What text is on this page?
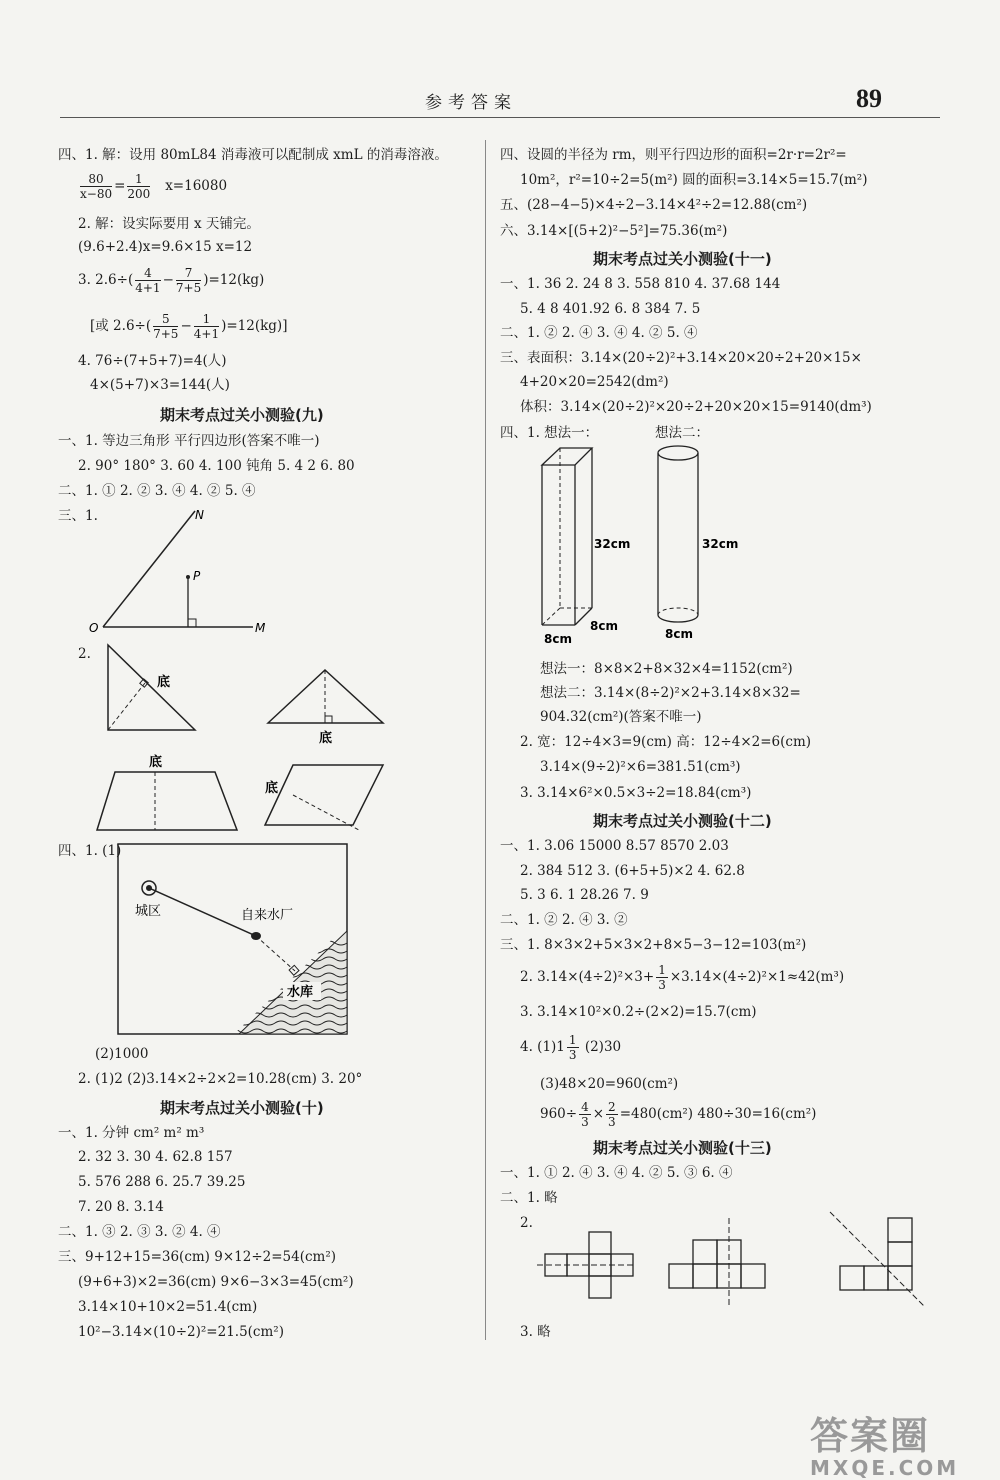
参考答案	89
四、1. 解：设用 80mL84 消毒液可以配制成 xmL 的消毒溶液。
$\frac{80}{x-80} = \frac{1}{200} x=16080$
2. 解：设实际要用 x 天铺完。
(9.6+2.4)x=9.6×15 x=12
3. $2.6\div( \frac{4}{4+1} - \frac{7}{7+5} )=12(kg)$
[或 $2.6\div( \frac{5}{7+5} - \frac{1}{4+1} )=12(kg)$]
4. 76÷(7+5+7)=4(人)
4×(5+7)×3=144(人)
期末考点过关小测验(九)
一、1. 等边三角形 平行四边形(答案不唯一)
2. 90° 180° 3. 60 4. 100 钝角 5. 4 2 6. 80
二、1. ① 2. ② 3. ④ 4. ② 5. ④
三、1.	N
P
O	M
2.
底
底
底
底
四、1. (1)
城区	自来水厂
水库
(2)1000
2. (1)2 (2)3.14×2÷2×2=10.28(cm) 3. 20°
期末考点过关小测验(十)
一、1. 分钟 cm² m² m³
2. 32 3. 30 4. 62.8 157
5. 576 288 6. 25.7 39.25
7. 20 8. 3.14
二、1. ③ 2. ③ 3. ② 4. ④
三、9+12+15=36(cm) 9×12÷2=54(cm²)
(9+6+3)×2=36(cm) 9×6−3×3=45(cm²)
3.14×10+10×2=51.4(cm)
10²−3.14×(10÷2)²=21.5(cm²)
四、设圆的半径为 rm，则平行四边形的面积=2r·r=2r²=
10m²，r²=10÷2=5(m²) 圆的面积=3.14×5=15.7(m²)
五、(28−4−5)×4÷2−3.14×4²÷2=12.88(cm²)
六、3.14×[(5+2)²−5²]=75.36(m²)
期末考点过关小测验(十一)
一、1. 36 2. 24 8 3. 558 810 4. 37.68 144
5. 4 8 401.92 6. 8 384 7. 5
二、1. ② 2. ④ 3. ④ 4. ② 5. ④
三、表面积：3.14×(20÷2)²+3.14×20×20÷2+20×15×
4+20×20=2542(dm²)
体积：3.14×(20÷2)²×20÷2+20×20×15=9140(dm³)
四、1. 想法一：	想法二：
32cm
8cm
8cm
32cm
8cm
想法一：8×8×2+8×32×4=1152(cm²)
想法二：3.14×(8÷2)²×2+3.14×8×32=
904.32(cm²)(答案不唯一)
2. 宽：12÷4×3=9(cm) 高：12÷4×2=6(cm)
3.14×(9÷2)²×6=381.51(cm³)
3. 3.14×6²×0.5×3÷2=18.84(cm³)
期末考点过关小测验(十二)
一、1. 3.06 15000 8.57 8570 2.03
2. 384 512 3. (6+5+5)×2 4. 62.8
5. 3 6. 1 28.26 7. 9
二、1. ② 2. ④ 3. ②
三、1. 8×3×2+5×3×2+8×5−3−12=103(m²)
2. $3.14\times(4\div 2)^2\times 3+ \frac{1}{3} \times 3.14\times(4\div 2)^2\times 1\approx 42(m^3)$
3. 3.14×10²×0.2÷(2×2)=15.7(cm)
4. $(1)1 \frac{1}{3} (2)30$
(3)48×20=960(cm²)
$960\div \frac{4}{3} \times \frac{2}{3} =480(cm^2)$ 480÷30=16(cm²)
期末考点过关小测验(十三)
一、1. ① 2. ④ 3. ④ 4. ② 5. ③ 6. ④
二、1. 略
2.
3. 略
答案圈
MXQE.COM
